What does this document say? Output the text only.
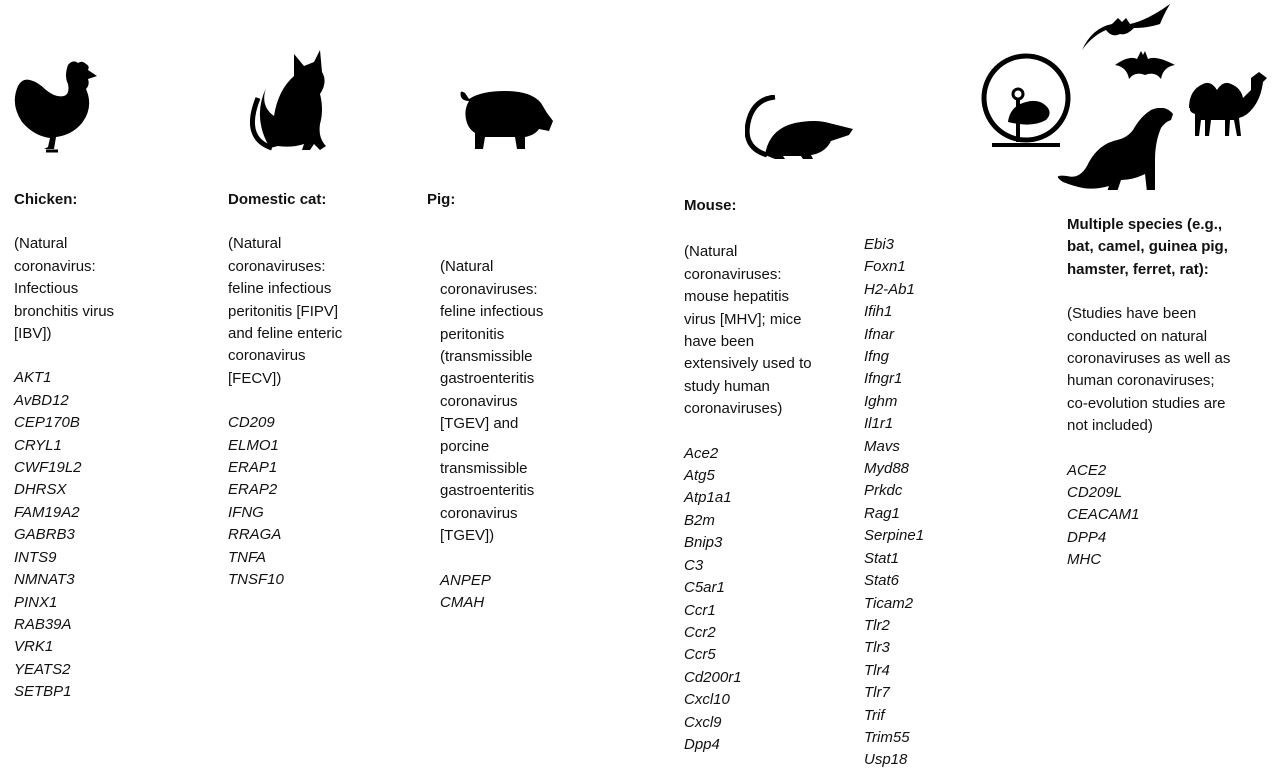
Chicken:
(Natural
coronavirus:
Infectious
bronchitis virus
[IBV])
AKT1
AvBD12
CEP170B
CRYL1
CWF19L2
DHRSX
FAM19A2
GABRB3
INTS9
NMNAT3
PINX1
RAB39A
VRK1
YEATS2
SETBP1
Domestic cat:
(Natural
coronaviruses:
feline infectious
peritonitis [FIPV]
and feline enteric
coronavirus
[FECV])
CD209
ELMO1
ERAP1
ERAP2
IFNG
RRAGA
TNFA
TNSF10
Pig:
(Natural
coronaviruses:
feline infectious
peritonitis
(transmissible
gastroenteritis
coronavirus
[TGEV] and
porcine
transmissible
gastroenteritis
coronavirus
[TGEV])
ANPEP
CMAH
Mouse:
(Natural
coronaviruses:
mouse hepatitis
virus [MHV]; mice
have been
extensively used to
study human
coronaviruses)
Ace2
Atg5
Atp1a1
B2m
Bnip3
C3
C5ar1
Ccr1
Ccr2
Ccr5
Cd200r1
Cxcl10
Cxcl9
Dpp4
Ebi3
Foxn1
H2-Ab1
Ifih1
Ifnar
Ifng
Ifngr1
Ighm
Il1r1
Mavs
Myd88
Prkdc
Rag1
Serpine1
Stat1
Stat6
Ticam2
Tlr2
Tlr3
Tlr4
Tlr7
Trif
Trim55
Usp18
Multiple species (e.g.,
bat, camel, guinea pig,
hamster, ferret, rat):
(Studies have been
conducted on natural
coronaviruses as well as
human coronaviruses;
co-evolution studies are
not included)
ACE2
CD209L
CEACAM1
DPP4
MHC
